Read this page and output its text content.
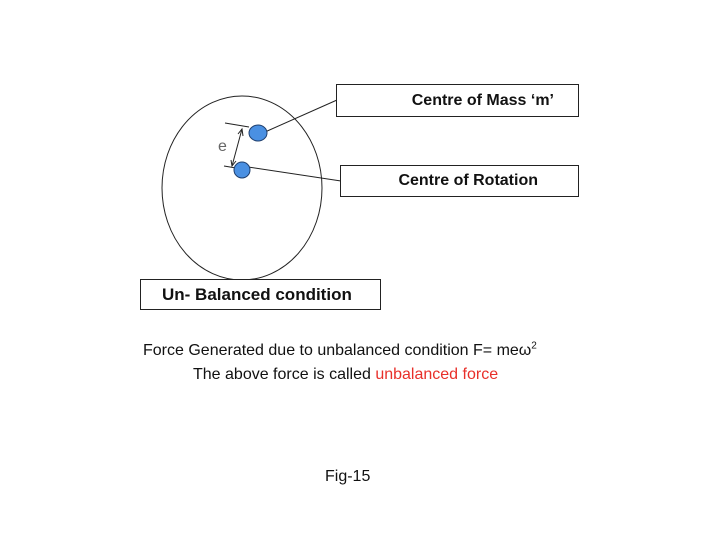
e
Centre of Mass ‘m’
Centre of Rotation
Un- Balanced condition
Force Generated due to unbalanced condition F= meω$^2$
The above force is called unbalanced force
Fig-15
